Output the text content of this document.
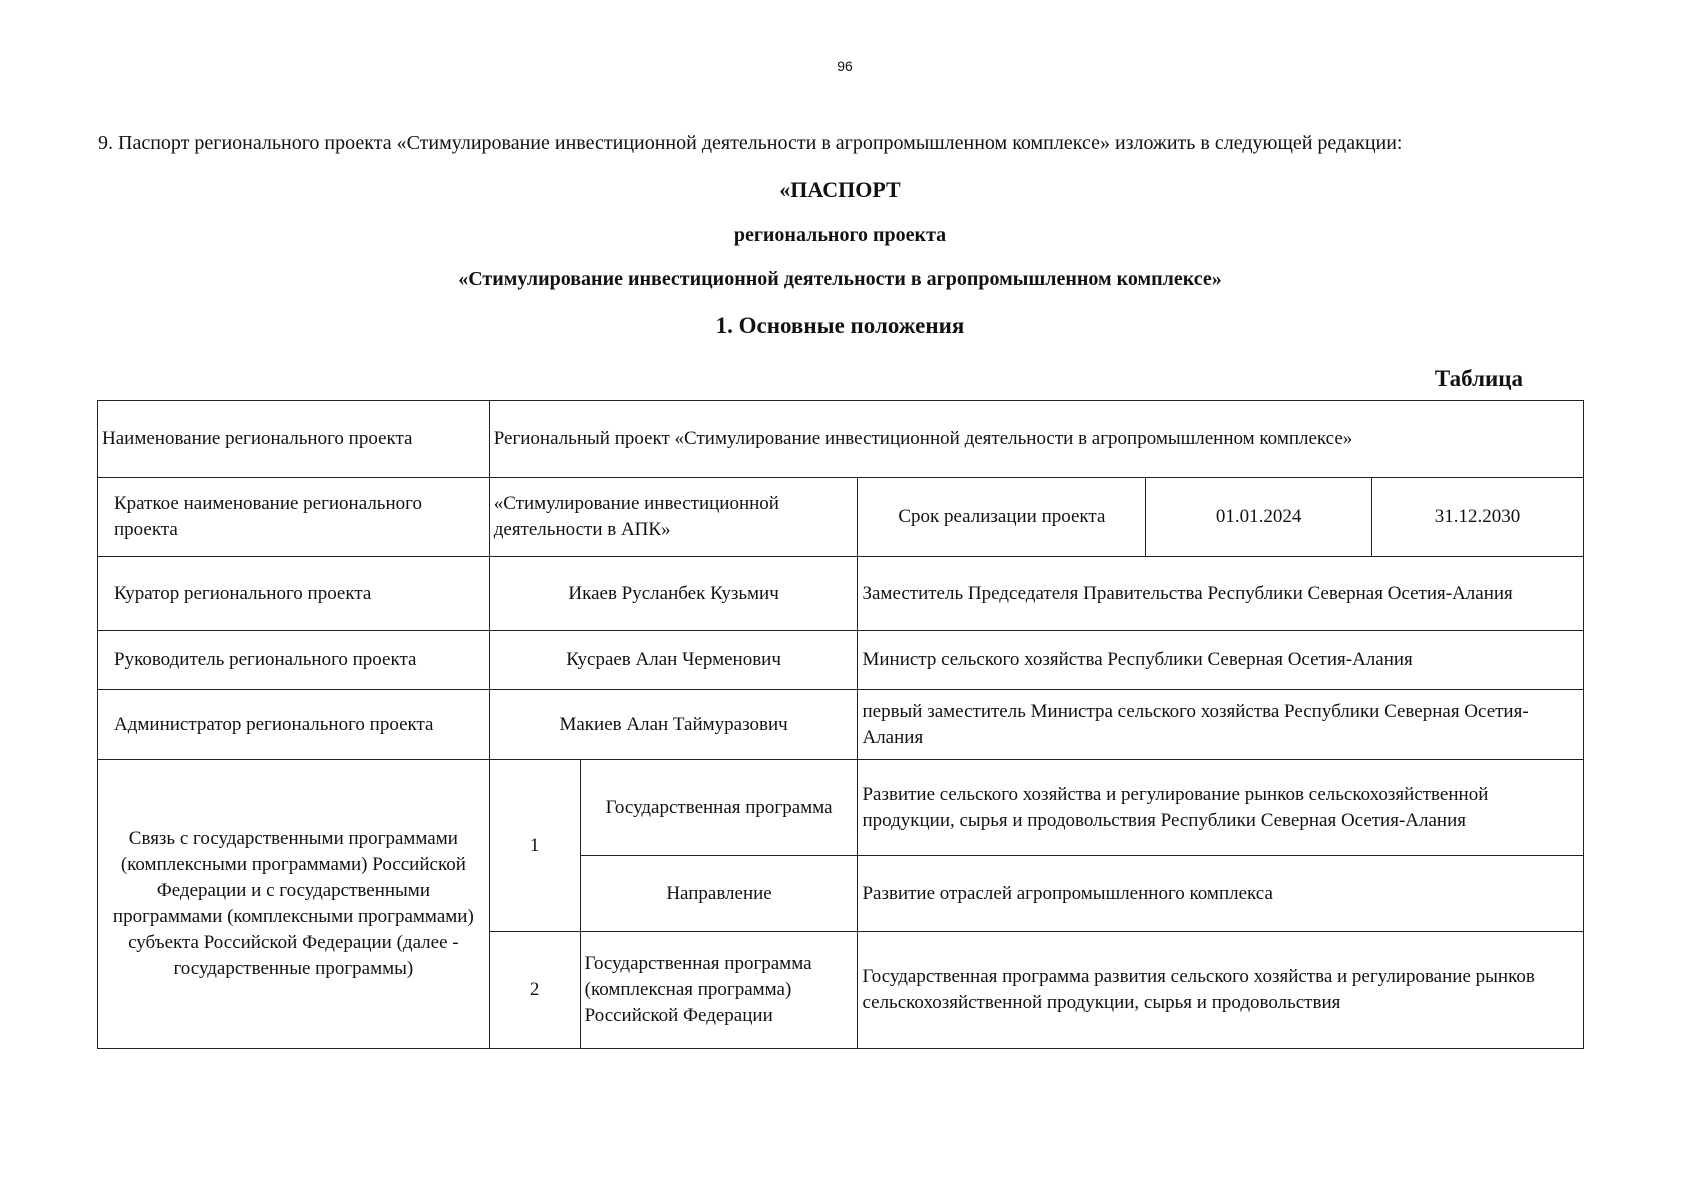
96
9. Паспорт регионального проекта «Стимулирование инвестиционной деятельности в агропромышленном комплексе» изложить в следующей редакции:
«ПАСПОРТ
регионального проекта
«Стимулирование инвестиционной деятельности в агропромышленном комплексе»
1. Основные положения
Таблица
Наименование регионального проекта	Региональный проект «Стимулирование инвестиционной деятельности в агропромышленном комплексе»				
Краткое наименование регионального проекта	«Стимулирование инвестиционной деятельности в АПК»		Срок реализации проекта	01.01.2024	31.12.2030
Куратор регионального проекта	Икаев Русланбек Кузьмич		Заместитель Председателя Правительства Республики Северная Осетия-Алания		
Руководитель регионального проекта	Кусраев Алан Черменович		Министр сельского хозяйства Республики Северная Осетия-Алания		
Администратор регионального проекта	Макиев Алан Таймуразович		первый заместитель Министра сельского хозяйства Республики Северная Осетия-Алания		
Связь с государственными программами (комплексными программами) Российской Федерации и с государственными программами (комплексными программами) субъекта Российской Федерации (далее - государственные программы)	1	Государственная программа	Развитие сельского хозяйства и регулирование рынков сельскохозяйственной продукции, сырья и продовольствия Республики Северная Осетия-Алания		
		Направление	Развитие отраслей агропромышленного комплекса		
	2	Государственная программа (комплексная программа) Российской Федерации	Государственная программа развития сельского хозяйства и регулирование рынков сельскохозяйственной продукции, сырья и продовольствия		
